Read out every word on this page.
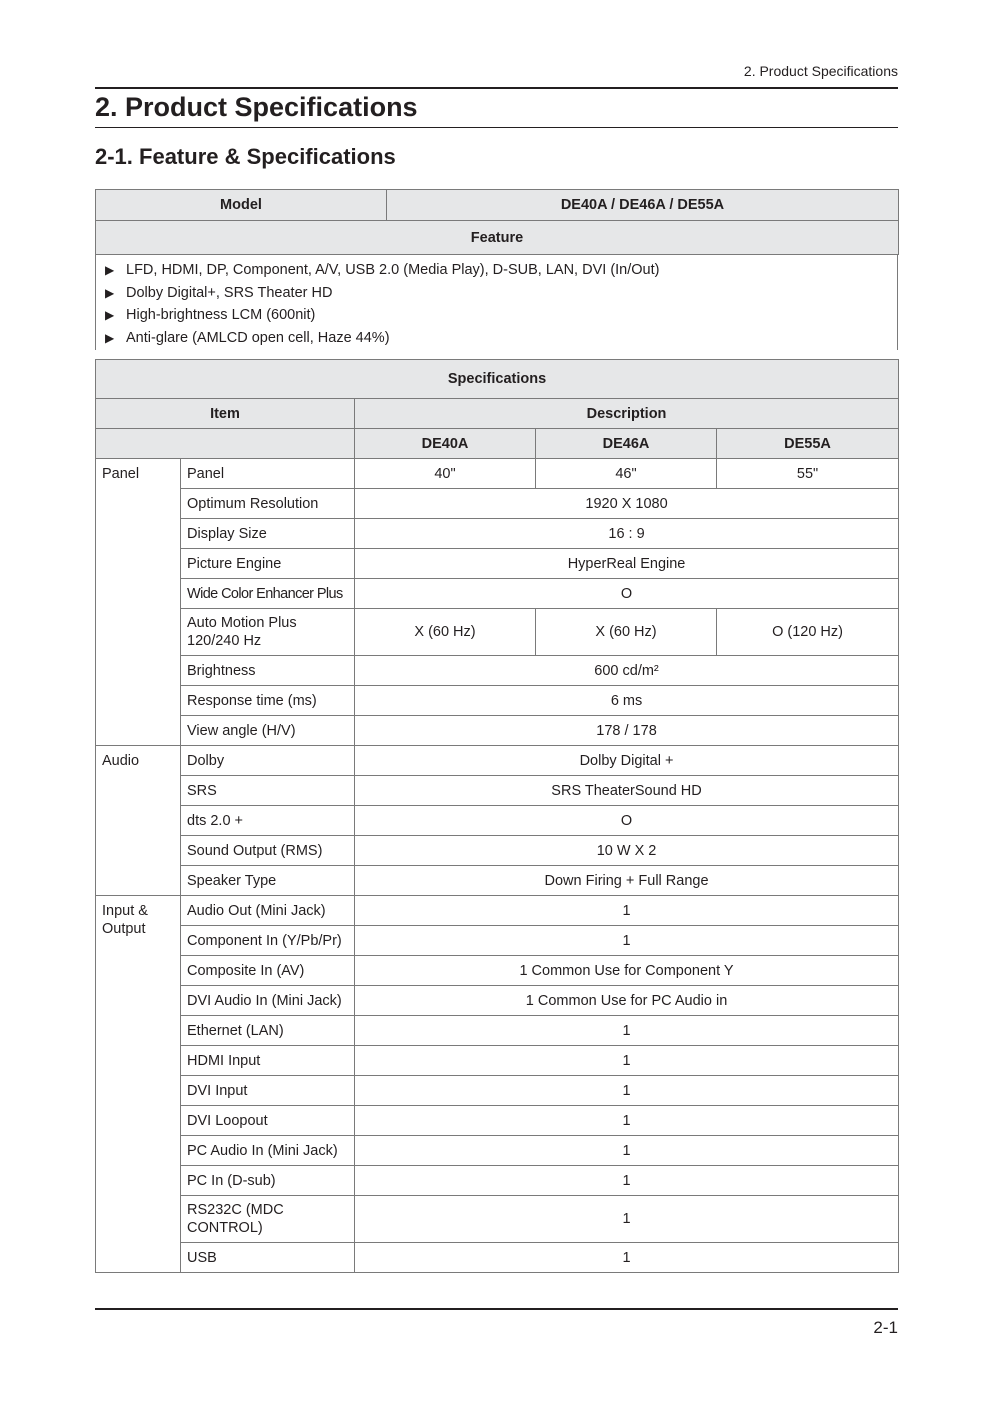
2. Product Specifications
2. Product Specifications
2-1. Feature & Specifications
Model	DE40A / DE46A / DE55A
Feature
▶ LFD, HDMI, DP, Component, A/V, USB 2.0 (Media Play), D-SUB, LAN, DVI (In/Out)
▶ Dolby Digital+, SRS Theater HD
▶ High-brightness LCM (600nit)
▶ Anti-glare (AMLCD open cell, Haze 44%)
Specifications				
Item		Description		
		DE40A	DE46A	DE55A
Panel	Panel	40"	46"	55"
	Optimum Resolution	1920 X 1080		
	Display Size	16 : 9		
	Picture Engine	HyperReal Engine		
	Wide Color Enhancer Plus	O		
	Auto Motion Plus 120/240 Hz	X (60 Hz)	X (60 Hz)	O (120 Hz)
	Brightness	600 cd/m²		
	Response time (ms)	6 ms		
	View angle (H/V)	178 / 178		
Audio	Dolby	Dolby Digital +		
	SRS	SRS TheaterSound HD		
	dts 2.0 +	O		
	Sound Output (RMS)	10 W X 2		
	Speaker Type	Down Firing + Full Range		
Input & Output	Audio Out (Mini Jack)	1		
	Component In (Y/Pb/Pr)	1		
	Composite In (AV)	1 Common Use for Component Y		
	DVI Audio In (Mini Jack)	1 Common Use for PC Audio in		
	Ethernet (LAN)	1		
	HDMI Input	1		
	DVI Input	1		
	DVI Loopout	1		
	PC Audio In (Mini Jack)	1		
	PC In (D-sub)	1		
	RS232C (MDC CONTROL)	1		
	USB	1		
2-1
